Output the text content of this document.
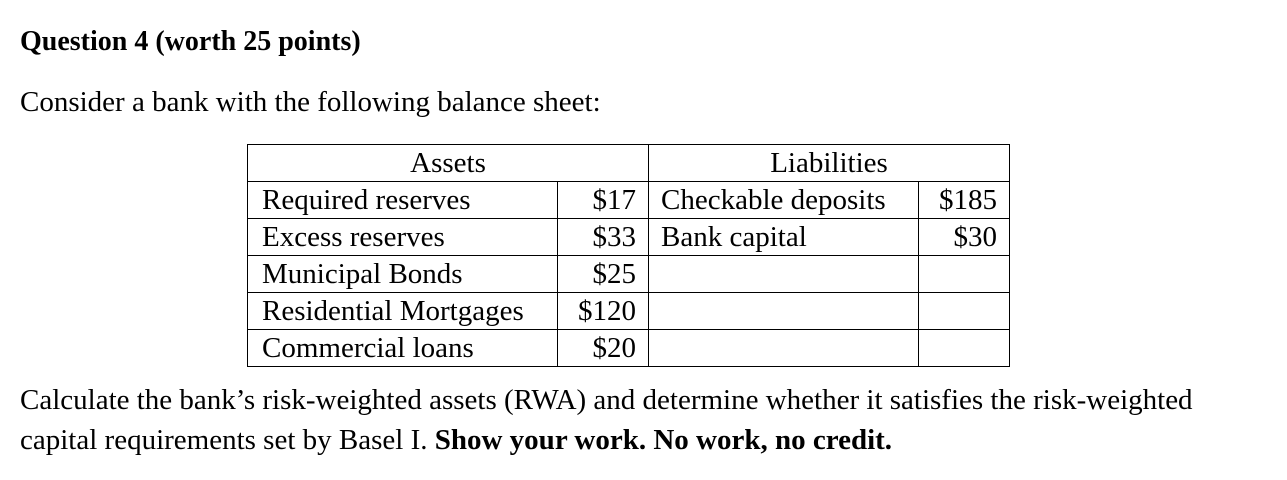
Question 4 (worth 25 points)
Consider a bank with the following balance sheet:
Assets		Liabilities	
Required reserves	$17	Checkable deposits	$185
Excess reserves	$33	Bank capital	$30
Municipal Bonds	$25		
Residential Mortgages	$120		
Commercial loans	$20		
Calculate the bank’s risk-weighted assets (RWA) and determine whether it satisfies the risk-weighted capital requirements set by Basel I. Show your work. No work, no credit.
